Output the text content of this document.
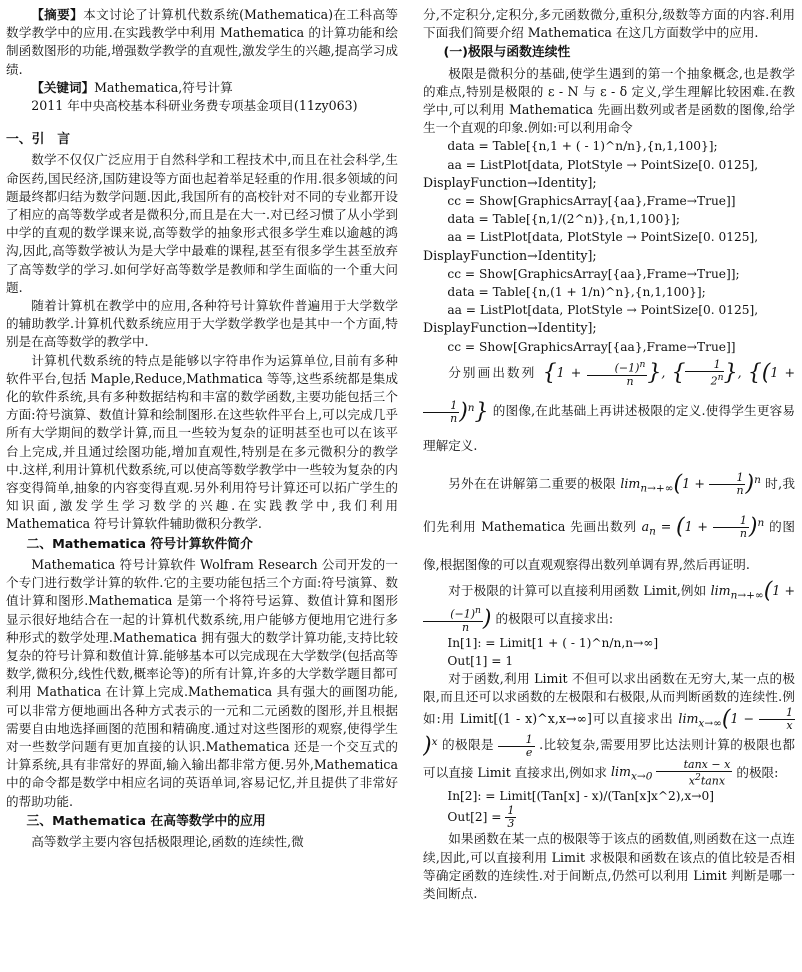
【摘要】本文讨论了计算机代数系统(Mathematica)在工科高等数学教学中的应用.在实践教学中利用 Mathematica 的计算功能和绘制函数图形的功能,增强数学教学的直观性,激发学生的兴趣,提高学习成绩.

【关键词】Mathematica,符号计算

2011 年中央高校基本科研业务费专项基金项目(11zy063)

一、引　言

数学不仅仅广泛应用于自然科学和工程技术中,而且在社会科学,生命医药,国民经济,国防建设等方面也起着举足轻重的作用.很多领域的问题最终都归结为数学问题.因此,我国所有的高校针对不同的专业都开设了相应的高等数学或者是微积分,而且是在大一.对已经习惯了从小学到中学的直观的数学课来说,高等数学的抽象形式很多学生难以逾越的鸿沟,因此,高等数学被认为是大学中最难的课程,甚至有很多学生甚至放弃了高等数学的学习.如何学好高等数学是教师和学生面临的一个重大问题.

随着计算机在教学中的应用,各种符号计算软件普遍用于大学数学的辅助教学.计算机代数系统应用于大学数学教学也是其中一个方面,特别是在高等数学的教学中.

计算机代数系统的特点是能够以字符串作为运算单位,目前有多种软件平台,包括 Maple,Reduce,Mathmatica 等等,这些系统都是集成化的软件系统,具有多种数据结构和丰富的数学函数,主要功能包括三个方面:符号演算、数值计算和绘制图形.在这些软件平台上,可以完成几乎所有大学期间的数学计算,而且一些较为复杂的证明甚至也可以在该平台上完成,并且通过绘图功能,增加直观性,特别是在多元微积分的教学中.这样,利用计算机代数系统,可以使高等数学教学中一些较为复杂的内容变得简单,抽象的内容变得直观.另外利用符号计算还可以拓广学生的知识面,激发学生学习数学的兴趣.在实践教学中,我们利用 Mathematica 符号计算软件辅助微积分教学.

二、Mathematica 符号计算软件简介

Mathematica 符号计算软件 Wolfram Research 公司开发的一个专门进行数学计算的软件.它的主要功能包括三个方面:符号演算、数值计算和图形.Mathematica 是第一个将符号运算、数值计算和图形显示很好地结合在一起的计算机代数系统,用户能够方便地用它进行多种形式的数学处理.Mathematica 拥有强大的数学计算功能,支持比较复杂的符号计算和数值计算.能够基本可以完成现在大学数学(包括高等数学,微积分,线性代数,概率论等)的所有计算,许多的大学数学题目都可利用 Mathatica 在计算上完成.Mathematica 具有强大的画图功能,可以非常方便地画出各种方式表示的一元和二元函数的图形,并且根据需要自由地选择画图的范围和精确度.通过对这些图形的观察,使得学生对一些数学问题有更加直接的认识.Mathematica 还是一个交互式的计算系统,具有非常好的界面,输入输出都非常方便.另外,Mathematica 中的命令都是数学中相应名词的英语单词,容易记忆,并且提供了非常好的帮助功能.

三、Mathematica 在高等数学中的应用

高等数学主要内容包括极限理论,函数的连续性,微

分,不定积分,定积分,多元函数微分,重积分,级数等方面的内容.利用下面我们简要介绍 Mathematica 在这几方面数学中的应用.

(一)极限与函数连续性

极限是微积分的基础,使学生遇到的第一个抽象概念,也是教学的难点,特别是极限的 ε - N 与 ε - δ 定义,学生理解比较困难.在教学中,可以利用 Mathematica 先画出数列或者是函数的图像,给学生一个直观的印象.例如:可以利用命令

data = Table[{n,1 + ( - 1)^n/n},{n,1,100}];

aa = ListPlot[data, PlotStyle → PointSize[0. 0125],

DisplayFunction→Identity];

cc = Show[GraphicsArray[{aa},Frame→True]]

data = Table[{n,1/(2^n)},{n,1,100}];

aa = ListPlot[data, PlotStyle → PointSize[0. 0125],

DisplayFunction→Identity];

cc = Show[GraphicsArray[{aa},Frame→True]];

data = Table[{n,(1 + 1/n)^n},{n,1,100}];

aa = ListPlot[data, PlotStyle → PointSize[0. 0125],

DisplayFunction→Identity];

cc = Show[GraphicsArray[{aa},Frame→True]]

分别画出数列 {$1 + \frac{(-1)^n}{n}$ }, { $\frac{1}{2^n}$ }, {(1 +
$\frac{1}{n} )^n$} 的图像,在此基础上再讲述极限的定义.使得学生更容易理解定义.

另外在在讲解第二重要的极限 $\lim_{n\to+\infty}(1 + \frac{1}{n} )^n$ 时,我们先利用 Mathematica 先画出数列 $a_n = (1 + \frac{1}{n} )^n$ 的图像,根据图像的可以直观观察得出数列单调有界,然后再证明.

对于极限的计算可以直接利用函数 Limit,例如 $\lim_{n\to+\infty}(1$ +
$\frac{(-1)^n}{n}$ ) 的极限可以直接求出:

In[1]: = Limit[1 + ( - 1)^n/n,n→∞]

Out[1] = 1

对于函数,利用 Limit 不但可以求出函数在无穷大,某一点的极限,而且还可以求函数的左极限和右极限,从而判断函数的连续性.例如:用 Limit[(1 - x)^x,x→∞]可以直接求出 $\lim_{x\to\infty}(1 - \frac{1}{x}$
)$^x$ 的极限是 $\frac{1}{e}$ .比较复杂,需要用罗比达法则计算的极限也都可以直接 Limit 直接求出,例如求 $\lim_{x\to 0} \frac{\tan x - x}{x^2\tan x}$ 的极限:

In[2]: = Limit[(Tan[x] - x)/(Tan[x]x^2),x→0]

$Out[2] = \frac{1}{3}$

如果函数在某一点的极限等于该点的函数值,则函数在这一点连续,因此,可以直接利用 Limit 求极限和函数在该点的值比较是否相等确定函数的连续性.对于间断点,仍然可以利用 Limit 判断是哪一类间断点.
